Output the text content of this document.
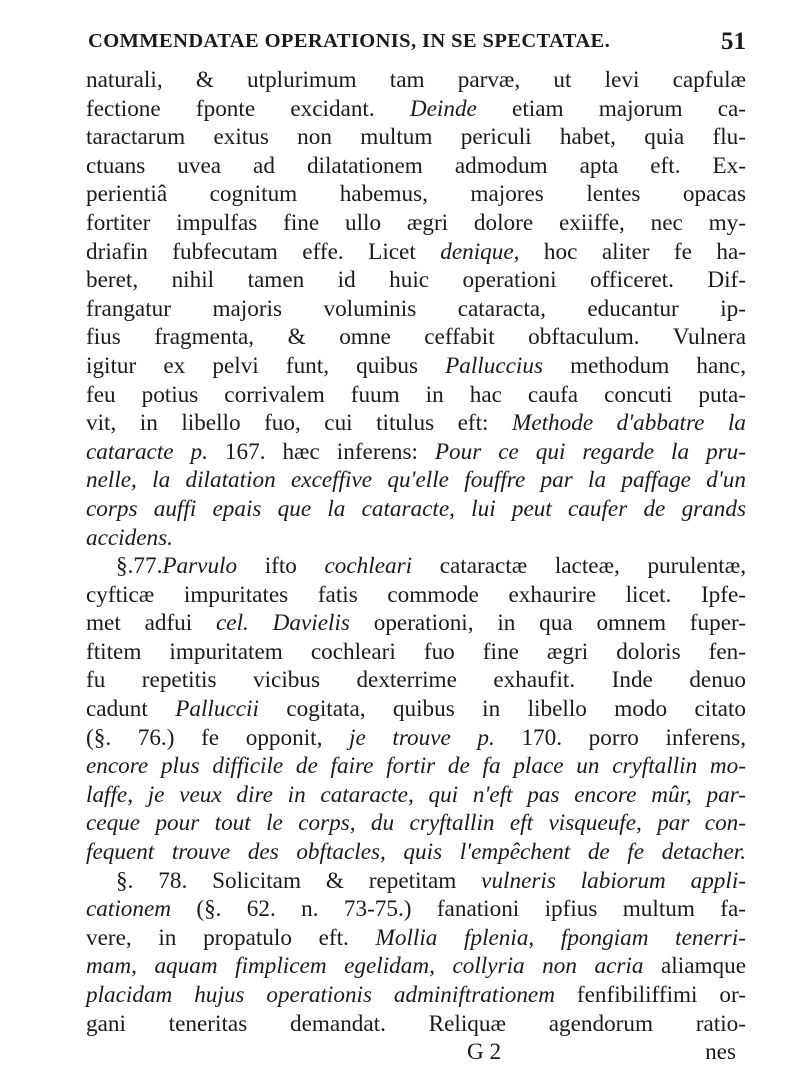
COMMENDATAE OPERATIONIS, IN SE SPECTATAE.	51
naturali, & utplurimum tam parvæ, ut levi capfulæ
fectione fponte excidant. Deinde etiam majorum ca-
taractarum exitus non multum periculi habet, quia flu-
ctuans uvea ad dilatationem admodum apta eft. Ex-
perientiâ cognitum habemus, majores lentes opacas
fortiter impulfas fine ullo ægri dolore exiiffe, nec my-
driafin fubfecutam effe. Licet denique, hoc aliter fe ha-
beret, nihil tamen id huic operationi officeret. Dif-
frangatur majoris voluminis cataracta, educantur ip-
fius fragmenta, & omne ceffabit obftaculum. Vulnera
igitur ex pelvi funt, quibus Palluccius methodum hanc,
feu potius corrivalem fuum in hac caufa concuti puta-
vit, in libello fuo, cui titulus eft: Methode d'abbatre la
cataracte p. 167. hæc inferens: Pour ce qui regarde la pru-
nelle, la dilatation exceffive qu'elle fouffre par la paffage d'un
corps auffi epais que la cataracte, lui peut caufer de grands
accidens.
§.77.Parvulo ifto cochleari cataractæ lacteæ, purulentæ,
cyfticæ impuritates fatis commode exhaurire licet. Ipfe-
met adfui cel. Davielis operationi, in qua omnem fuper-
ftitem impuritatem cochleari fuo fine ægri doloris fen-
fu repetitis vicibus dexterrime exhaufit. Inde denuo
cadunt Palluccii cogitata, quibus in libello modo citato
(§. 76.) fe opponit, je trouve p. 170. porro inferens,
encore plus difficile de faire fortir de fa place un cryftallin mo-
laffe, je veux dire in cataracte, qui n'eft pas encore mûr, par-
ceque pour tout le corps, du cryftallin eft visqueufe, par con-
fequent trouve des obftacles, quis l'empêchent de fe detacher.
§. 78. Solicitam & repetitam vulneris labiorum appli-
cationem (§. 62. n. 73-75.) fanationi ipfius multum fa-
vere, in propatulo eft. Mollia fplenia, fpongiam tenerri-
mam, aquam fimplicem egelidam, collyria non acria aliamque
placidam hujus operationis adminiftrationem fenfibiliffimi or-
gani teneritas demandat. Reliquæ agendorum ratio-
G 2	nes
